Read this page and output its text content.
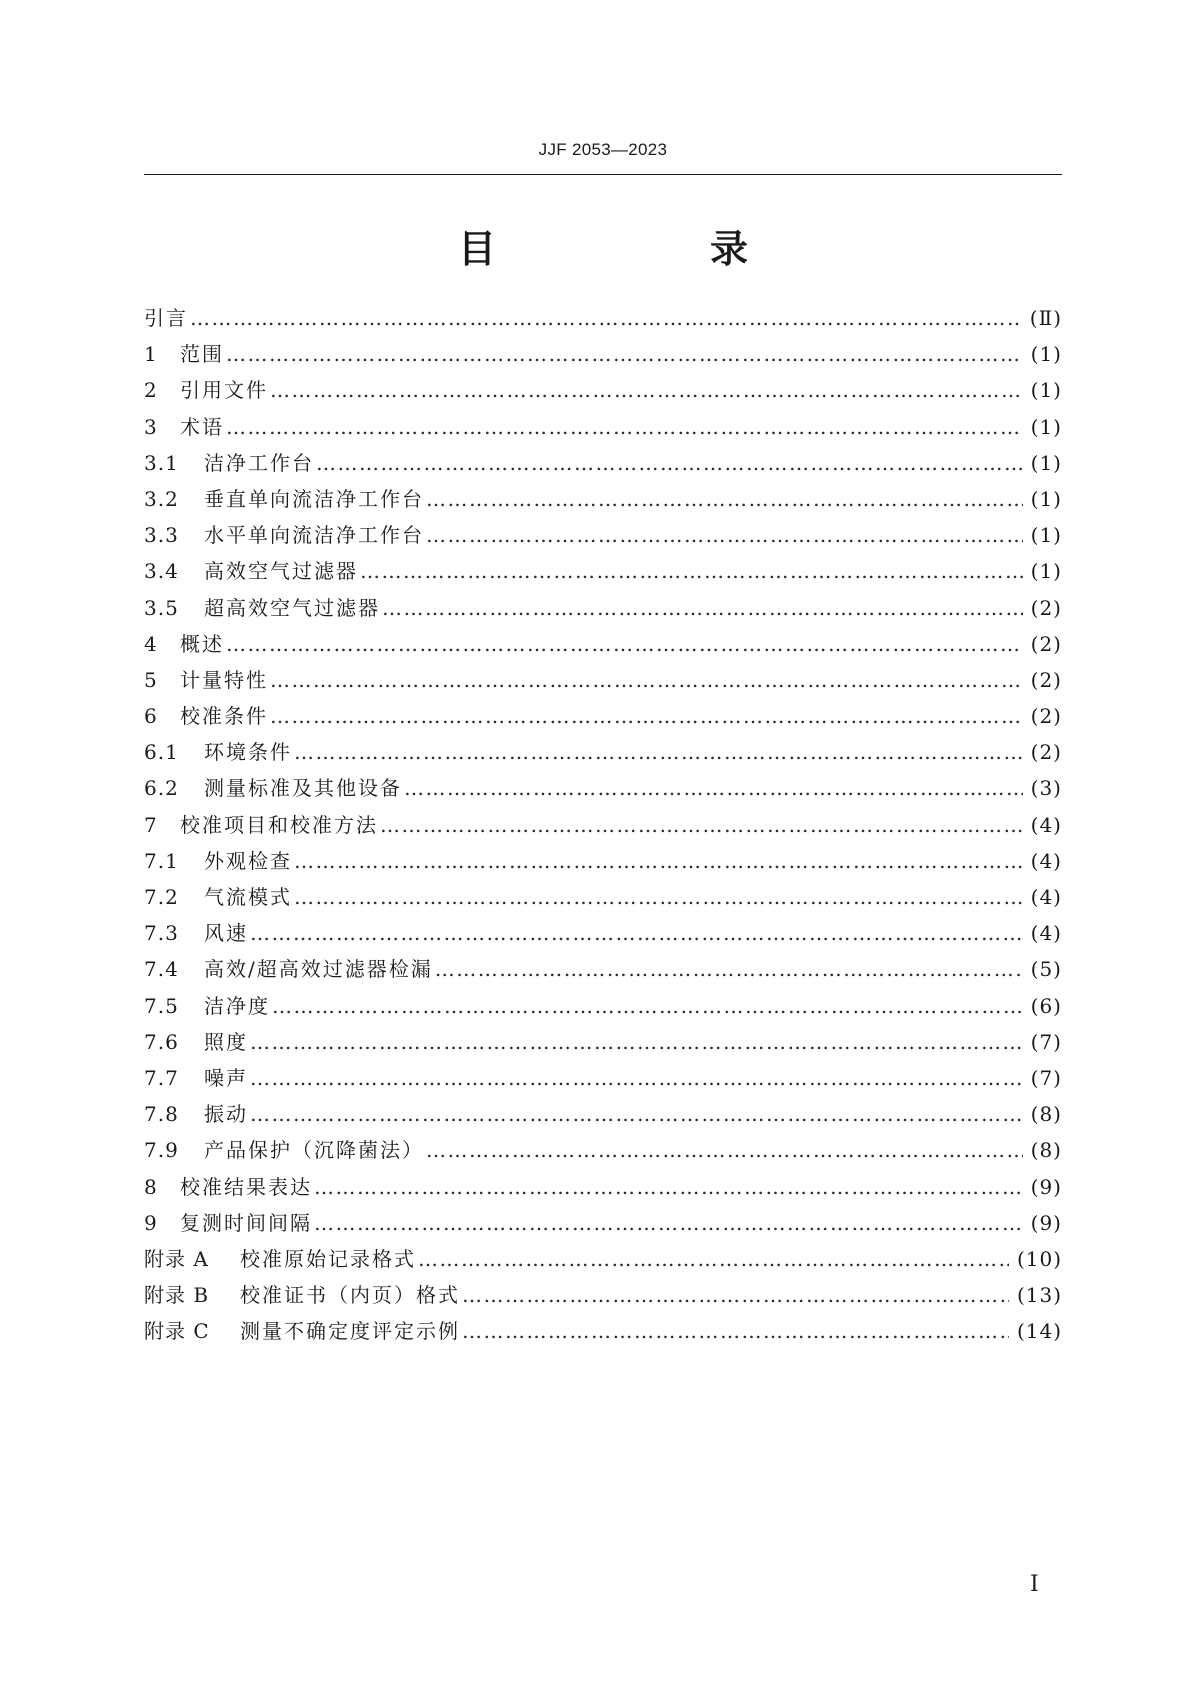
JJF 2053—2023
目　录
引言 …………………………………………………………………………………………………………………………………………………………………………………………………………………………………………………	(Ⅱ)
1	范围 …………………………………………………………………………………………………………………………………………………………………………………………………………………………………………………	(1)
2	引用文件 …………………………………………………………………………………………………………………………………………………………………………………………………………………………………………………	(1)
3	术语 …………………………………………………………………………………………………………………………………………………………………………………………………………………………………………………	(1)
3.1	洁净工作台 …………………………………………………………………………………………………………………………………………………………………………………………………………………………………………………	(1)
3.2	垂直单向流洁净工作台 …………………………………………………………………………………………………………………………………………………………………………………………………………………………………………………	(1)
3.3	水平单向流洁净工作台 …………………………………………………………………………………………………………………………………………………………………………………………………………………………………………………	(1)
3.4	高效空气过滤器 …………………………………………………………………………………………………………………………………………………………………………………………………………………………………………………	(1)
3.5	超高效空气过滤器 …………………………………………………………………………………………………………………………………………………………………………………………………………………………………………………	(2)
4	概述 …………………………………………………………………………………………………………………………………………………………………………………………………………………………………………………	(2)
5	计量特性 …………………………………………………………………………………………………………………………………………………………………………………………………………………………………………………	(2)
6	校准条件 …………………………………………………………………………………………………………………………………………………………………………………………………………………………………………………	(2)
6.1	环境条件 …………………………………………………………………………………………………………………………………………………………………………………………………………………………………………………	(2)
6.2	测量标准及其他设备 …………………………………………………………………………………………………………………………………………………………………………………………………………………………………………………	(3)
7	校准项目和校准方法 …………………………………………………………………………………………………………………………………………………………………………………………………………………………………………………	(4)
7.1	外观检查 …………………………………………………………………………………………………………………………………………………………………………………………………………………………………………………	(4)
7.2	气流模式 …………………………………………………………………………………………………………………………………………………………………………………………………………………………………………………	(4)
7.3	风速 …………………………………………………………………………………………………………………………………………………………………………………………………………………………………………………	(4)
7.4	高效/超高效过滤器检漏 …………………………………………………………………………………………………………………………………………………………………………………………………………………………………………………	(5)
7.5	洁净度 …………………………………………………………………………………………………………………………………………………………………………………………………………………………………………………	(6)
7.6	照度 …………………………………………………………………………………………………………………………………………………………………………………………………………………………………………………	(7)
7.7	噪声 …………………………………………………………………………………………………………………………………………………………………………………………………………………………………………………	(7)
7.8	振动 …………………………………………………………………………………………………………………………………………………………………………………………………………………………………………………	(8)
7.9	产品保护（沉降菌法） …………………………………………………………………………………………………………………………………………………………………………………………………………………………………………………	(8)
8	校准结果表达 …………………………………………………………………………………………………………………………………………………………………………………………………………………………………………………	(9)
9	复测时间间隔 …………………………………………………………………………………………………………………………………………………………………………………………………………………………………………………	(9)
附录 A	校准原始记录格式 …………………………………………………………………………………………………………………………………………………………………………………………………………………………………………………	(10)
附录 B	校准证书（内页）格式 …………………………………………………………………………………………………………………………………………………………………………………………………………………………………………………	(13)
附录 C	测量不确定度评定示例 …………………………………………………………………………………………………………………………………………………………………………………………………………………………………………………	(14)
Ⅰ
